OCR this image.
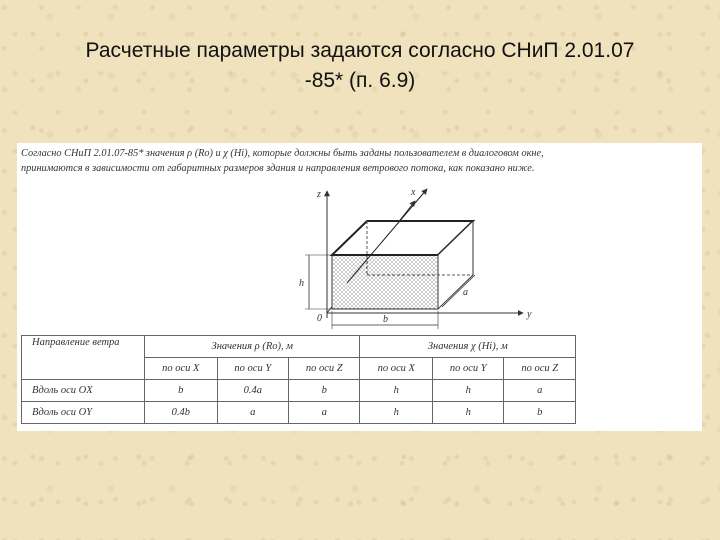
Расчетные параметры задаются согласно СНиП 2.01.07
-85* (п. 6.9)
Согласно СНиП 2.01.07-85* значения ρ (Ro) и χ (Hi), которые должны быть заданы пользователем в диалоговом окне,
принимаются в зависимости от габаритных размеров здания и направления ветрового потока, как показано ниже.
z	x
y
0
h
b
a
Направление ветра	Значения ρ (Ro), м			Значения χ (Hi), м		
	по оси X	по оси Y	по оси Z	по оси X	по оси Y	по оси Z
Вдоль оси OX	b	0.4a	b	h	h	a
Вдоль оси OY	0.4b	a	a	h	h	b
